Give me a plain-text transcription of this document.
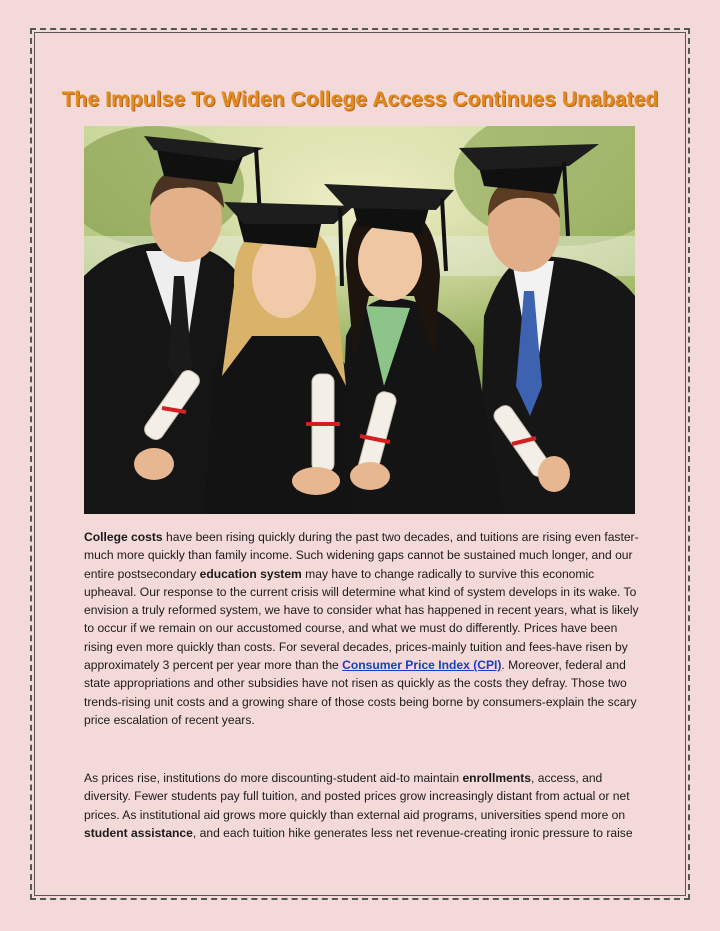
The Impulse To Widen College Access Continues Unabated

College costs have been rising quickly during the past two decades, and tuitions are rising even faster-much more quickly than family income. Such widening gaps cannot be sustained much longer, and our entire postsecondary education system may have to change radically to survive this economic upheaval. Our response to the current crisis will determine what kind of system develops in its wake. To envision a truly reformed system, we have to consider what has happened in recent years, what is likely to occur if we remain on our accustomed course, and what we must do differently. Prices have been rising even more quickly than costs. For several decades, prices-mainly tuition and fees-have risen by approximately 3 percent per year more than the Consumer Price Index (CPI). Moreover, federal and state appropriations and other subsidies have not risen as quickly as the costs they defray. Those two trends-rising unit costs and a growing share of those costs being borne by consumers-explain the scary price escalation of recent years.

As prices rise, institutions do more discounting-student aid-to maintain enrollments, access, and diversity. Fewer students pay full tuition, and posted prices grow increasingly distant from actual or net prices. As institutional aid grows more quickly than external aid programs, universities spend more on student assistance, and each tuition hike generates less net revenue-creating ironic pressure to raise
